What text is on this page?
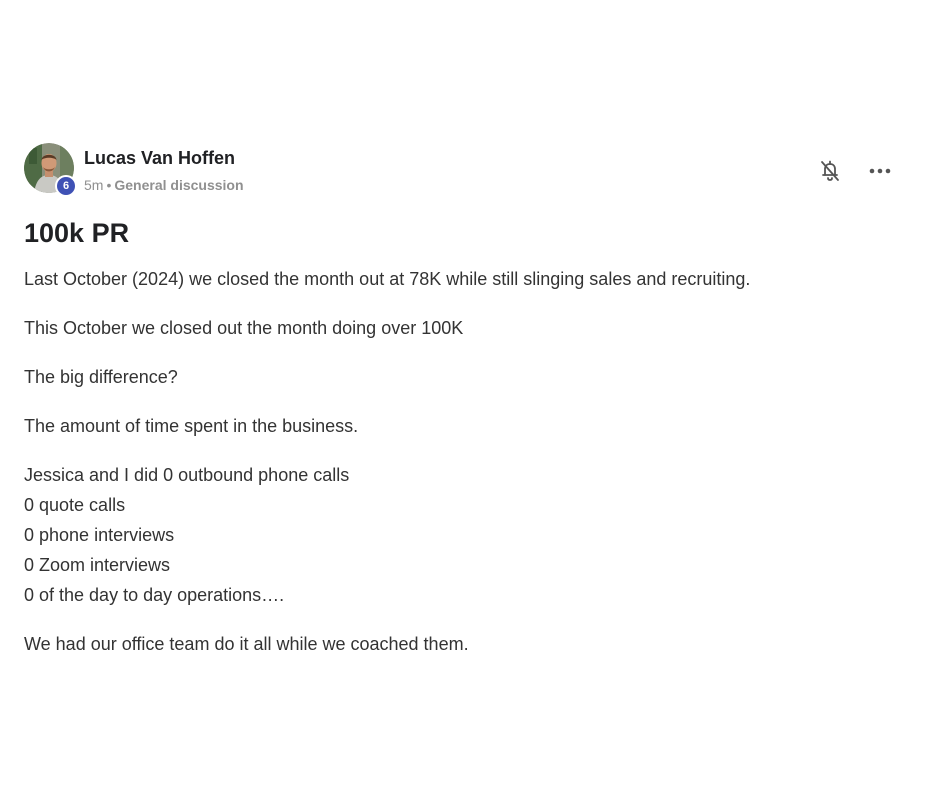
6
Lucas Van Hoffen
5m • General discussion
100k PR

Last October (2024) we closed the month out at 78K while still slinging sales and recruiting.

This October we closed out the month doing over 100K

The big difference?

The amount of time spent in the business.

Jessica and I did 0 outbound phone calls
0 quote calls
0 phone interviews
0 Zoom interviews
0 of the day to day operations….

We had our office team do it all while we coached them.
